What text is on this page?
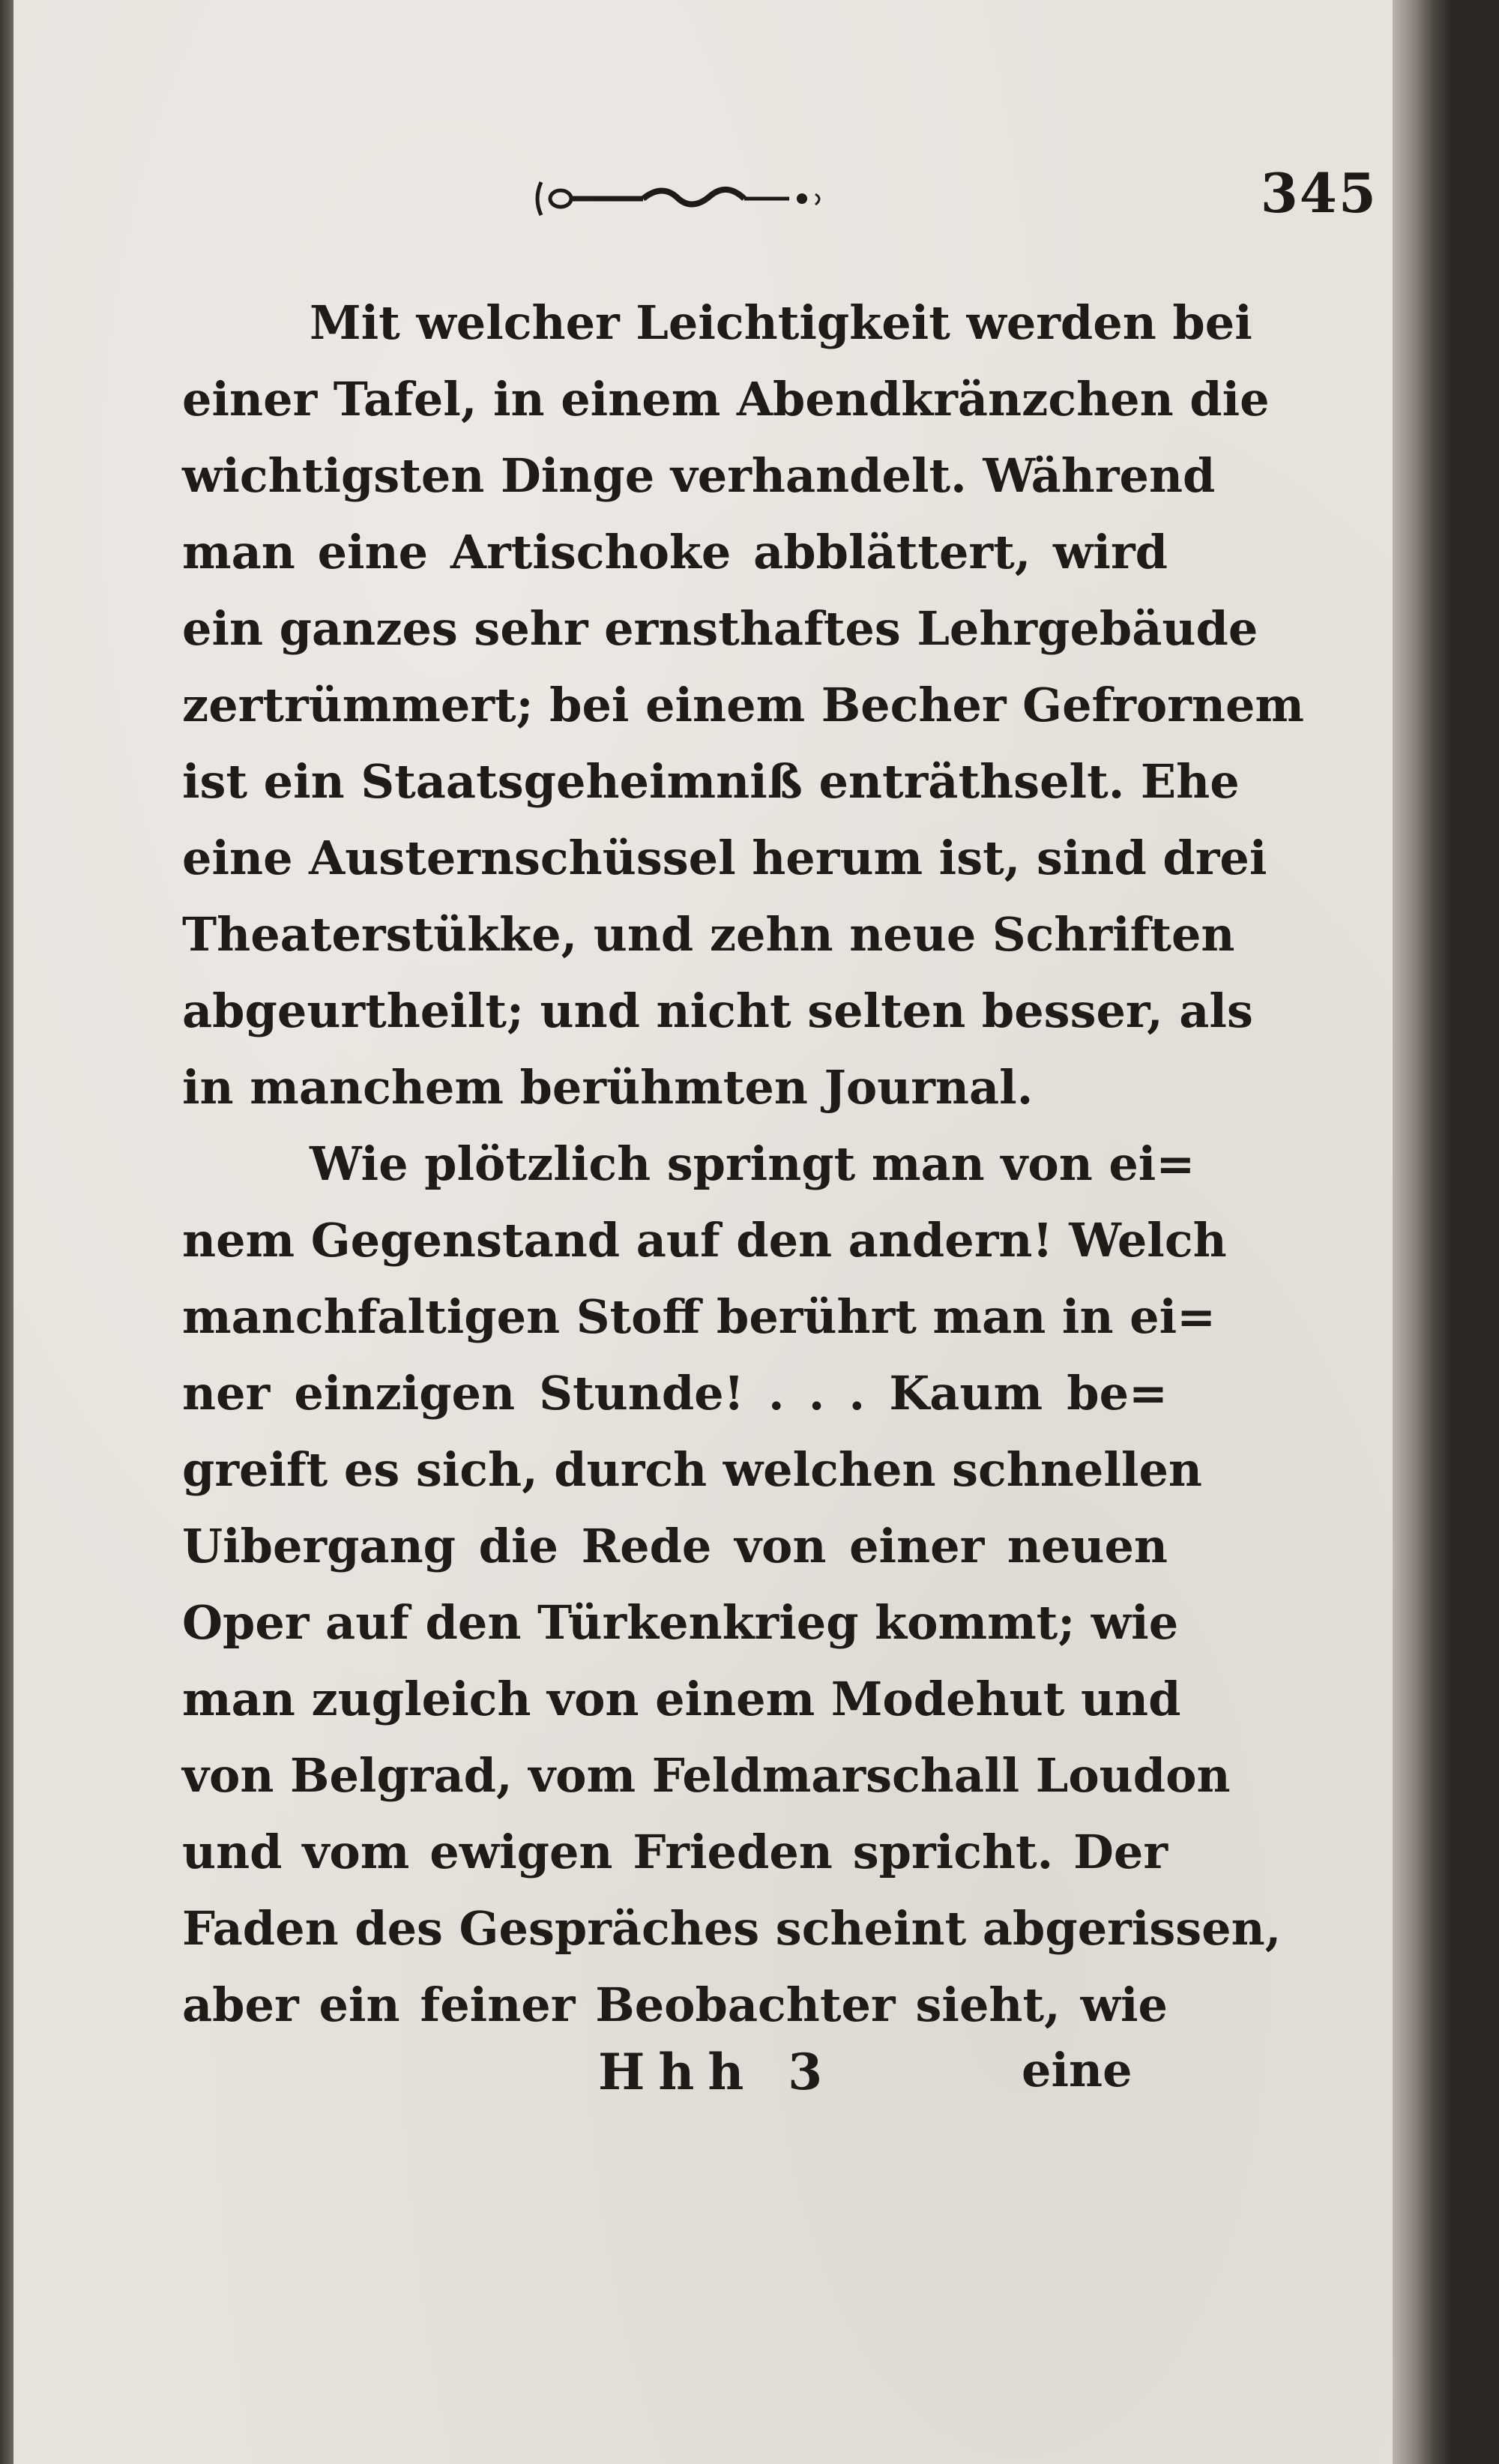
345
Mit welcher Leichtigkeit werden bei
einer Tafel, in einem Abendkränzchen die
wichtigsten Dinge verhandelt. Während
man eine Artischoke abblättert, wird
ein ganzes sehr ernsthaftes Lehrgebäude
zertrümmert; bei einem Becher Gefrornem
ist ein Staatsgeheimniß enträthselt. Ehe
eine Austernschüssel herum ist, sind drei
Theaterstükke, und zehn neue Schriften
abgeurtheilt; und nicht selten besser, als
in manchem berühmten Journal.
Wie plötzlich springt man von ei=
nem Gegenstand auf den andern! Welch
manchfaltigen Stoff berührt man in ei=
ner einzigen Stunde! . . . Kaum be=
greift es sich, durch welchen schnellen
Uibergang die Rede von einer neuen
Oper auf den Türkenkrieg kommt; wie
man zugleich von einem Modehut und
von Belgrad, vom Feldmarschall Loudon
und vom ewigen Frieden spricht. Der
Faden des Gespräches scheint abgerissen,
aber ein feiner Beobachter sieht, wie
Hhh 3	eine
